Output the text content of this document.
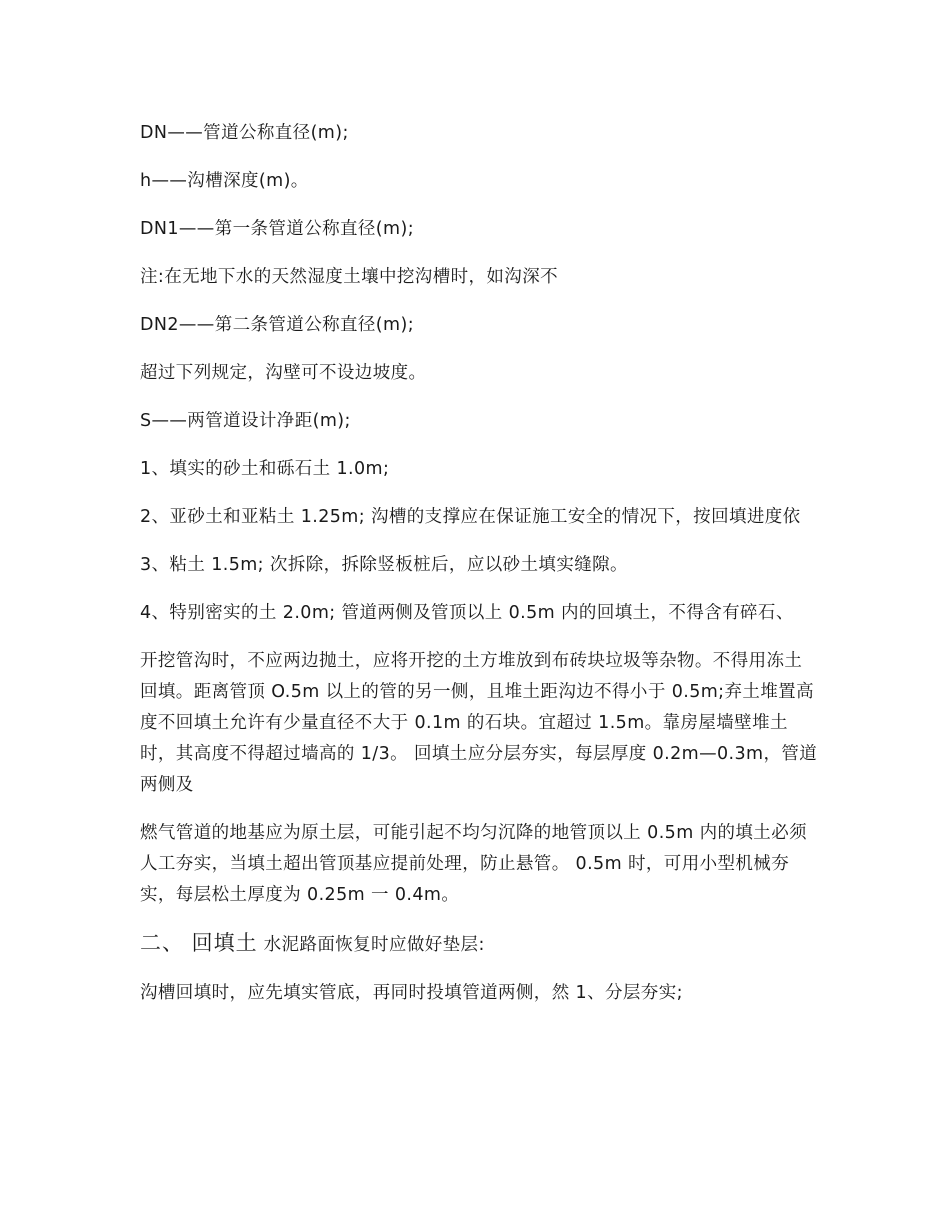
DN——管道公称直径(m);

h——沟槽深度(m)。

DN1——第一条管道公称直径(m);

注:在无地下水的天然湿度土壤中挖沟槽时，如沟深不

DN2——第二条管道公称直径(m);

超过下列规定，沟壁可不设边坡度。

S——两管道设计净距(m);

1、填实的砂土和砾石土 1.0m;

2、亚砂土和亚粘土 1.25m; 沟槽的支撑应在保证施工安全的情况下，按回填进度依

3、粘土 1.5m; 次拆除，拆除竖板桩后，应以砂土填实缝隙。

4、特别密实的土 2.0m; 管道两侧及管顶以上 0.5m 内的回填土，不得含有碎石、

开挖管沟时，不应两边抛土，应将开挖的土方堆放到布砖块垃圾等杂物。不得用冻土回填。距离管顶 O.5m 以上的管的另一侧，且堆土距沟边不得小于 0.5m;弃土堆置高度不回填土允许有少量直径不大于 0.1m 的石块。宜超过 1.5m。靠房屋墙壁堆土时，其高度不得超过墙高的 1/3。 回填土应分层夯实，每层厚度 0.2m—0.3m，管道两侧及

燃气管道的地基应为原土层，可能引起不均匀沉降的地管顶以上 0.5m 内的填土必须人工夯实，当填土超出管顶基应提前处理，防止悬管。 0.5m 时，可用小型机械夯实，每层松土厚度为 0.25m 一 0.4m。

二、 回填土 水泥路面恢复时应做好垫层:

沟槽回填时，应先填实管底，再同时投填管道两侧，然 1、分层夯实;
